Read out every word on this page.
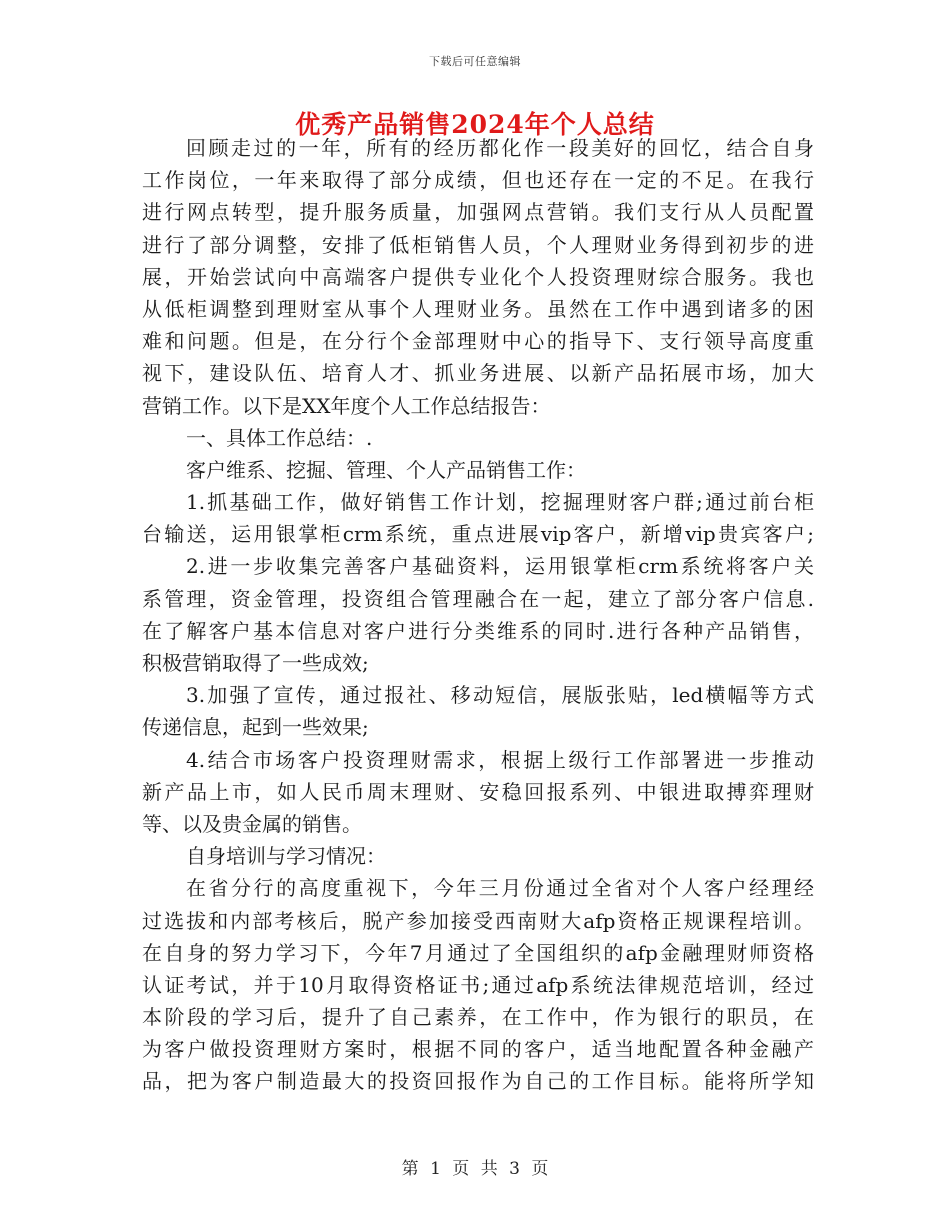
下载后可任意编辑
优秀产品销售2024年个人总结
回顾走过的一年，所有的经历都化作一段美好的回忆，结合自身
工作岗位，一年来取得了部分成绩，但也还存在一定的不足。在我行
进行网点转型，提升服务质量，加强网点营销。我们支行从人员配置
进行了部分调整，安排了低柜销售人员，个人理财业务得到初步的进
展，开始尝试向中高端客户提供专业化个人投资理财综合服务。我也
从低柜调整到理财室从事个人理财业务。虽然在工作中遇到诸多的困
难和问题。但是，在分行个金部理财中心的指导下、支行领导高度重
视下，建设队伍、培育人才、抓业务进展、以新产品拓展市场，加大
营销工作。以下是XX年度个人工作总结报告：
一、具体工作总结：.
客户维系、挖掘、管理、个人产品销售工作：
1.抓基础工作，做好销售工作计划，挖掘理财客户群;通过前台柜
台输送，运用银掌柜crm系统，重点进展vip客户，新增vip贵宾客户;
2.进一步收集完善客户基础资料，运用银掌柜crm系统将客户关
系管理，资金管理，投资组合管理融合在一起，建立了部分客户信息.
在了解客户基本信息对客户进行分类维系的同时.进行各种产品销售，
积极营销取得了一些成效;
3.加强了宣传，通过报社、移动短信，展版张贴，led横幅等方式
传递信息，起到一些效果;
4.结合市场客户投资理财需求，根据上级行工作部署进一步推动
新产品上市，如人民币周末理财、安稳回报系列、中银进取搏弈理财
等、以及贵金属的销售。
自身培训与学习情况：
在省分行的高度重视下，今年三月份通过全省对个人客户经理经
过选拔和内部考核后，脱产参加接受西南财大afp资格正规课程培训。
在自身的努力学习下，今年7月通过了全国组织的afp金融理财师资格
认证考试，并于10月取得资格证书;通过afp系统法律规范培训，经过
本阶段的学习后，提升了自己素养，在工作中，作为银行的职员，在
为客户做投资理财方案时，根据不同的客户，适当地配置各种金融产
品，把为客户制造最大的投资回报作为自己的工作目标。能将所学知
第 1 页 共 3 页
